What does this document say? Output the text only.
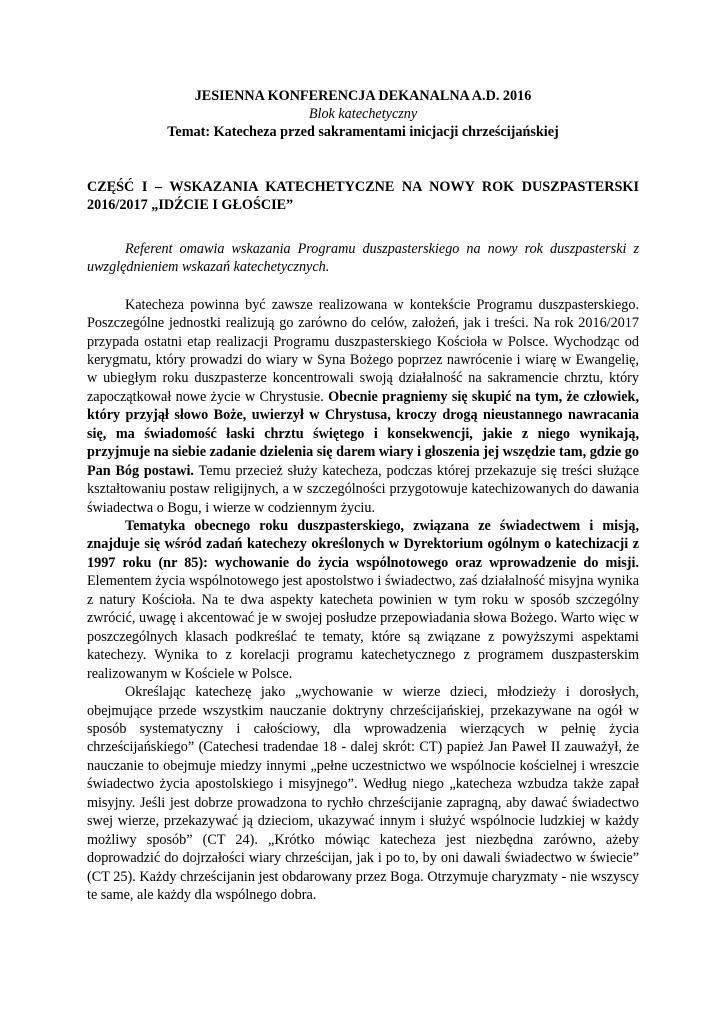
JESIENNA KONFERENCJA DEKANALNA A.D. 2016
Blok katechetyczny
Temat: Katecheza przed sakramentami inicjacji chrześcijańskiej
CZĘŚĆ I – WSKAZANIA KATECHETYCZNE NA NOWY ROK DUSZPASTERSKI 2016/2017 „IDŹCIE I GŁOŚCIE”
Referent omawia wskazania Programu duszpasterskiego na nowy rok duszpasterski z uwzględnieniem wskazań katechetycznych.

Katecheza powinna być zawsze realizowana w kontekście Programu duszpasterskiego. Poszczególne jednostki realizują go zarówno do celów, założeń, jak i treści. Na rok 2016/2017 przypada ostatni etap realizacji Programu duszpasterskiego Kościoła w Polsce. Wychodząc od kerygmatu, który prowadzi do wiary w Syna Bożego poprzez nawrócenie i wiarę w Ewangelię, w ubiegłym roku duszpasterze koncentrowali swoją działalność na sakramencie chrztu, który zapoczątkował nowe życie w Chrystusie. Obecnie pragniemy się skupić na tym, że człowiek, który przyjął słowo Boże, uwierzył w Chrystusa, kroczy drogą nieustannego nawracania się, ma świadomość łaski chrztu świętego i konsekwencji, jakie z niego wynikają, przyjmuje na siebie zadanie dzielenia się darem wiary i głoszenia jej wszędzie tam, gdzie go Pan Bóg postawi. Temu przecież służy katecheza, podczas której przekazuje się treści służące kształtowaniu postaw religijnych, a w szczególności przygotowuje katechizowanych do dawania świadectwa o Bogu, i wierze w codziennym życiu.

Tematyka obecnego roku duszpasterskiego, związana ze świadectwem i misją, znajduje się wśród zadań katechezy określonych w Dyrektorium ogólnym o katechizacji z 1997 roku (nr 85): wychowanie do życia wspólnotowego oraz wprowadzenie do misji. Elementem życia wspólnotowego jest apostolstwo i świadectwo, zaś działalność misyjna wynika z natury Kościoła. Na te dwa aspekty katecheta powinien w tym roku w sposób szczególny zwrócić, uwagę i akcentować je w swojej posłudze przepowiadania słowa Bożego. Warto więc w poszczególnych klasach podkreślać te tematy, które są związane z powyższymi aspektami katechezy. Wynika to z korelacji programu katechetycznego z programem duszpasterskim realizowanym w Kościele w Polsce.

Określając katechezę jako „wychowanie w wierze dzieci, młodzieży i dorosłych, obejmujące przede wszystkim nauczanie doktryny chrześcijańskiej, przekazywane na ogół w sposób systematyczny i całościowy, dla wprowadzenia wierzących w pełnię życia chrześcijańskiego” (Catechesi tradendae 18 - dalej skrót: CT) papież Jan Paweł II zauważył, że nauczanie to obejmuje miedzy innymi „pełne uczestnictwo we wspólnocie kościelnej i wreszcie świadectwo życia apostolskiego i misyjnego”. Według niego „katecheza wzbudza także zapał misyjny. Jeśli jest dobrze prowadzona to rychło chrześcijanie zapragną, aby dawać świadectwo swej wierze, przekazywać ją dzieciom, ukazywać innym i służyć wspólnocie ludzkiej w każdy możliwy sposób” (CT 24). „Krótko mówiąc katecheza jest niezbędna zarówno, ażeby doprowadzić do dojrzałości wiary chrześcijan, jak i po to, by oni dawali świadectwo w świecie” (CT 25). Każdy chrześcijanin jest obdarowany przez Boga. Otrzymuje charyzmaty - nie wszyscy te same, ale każdy dla wspólnego dobra.
